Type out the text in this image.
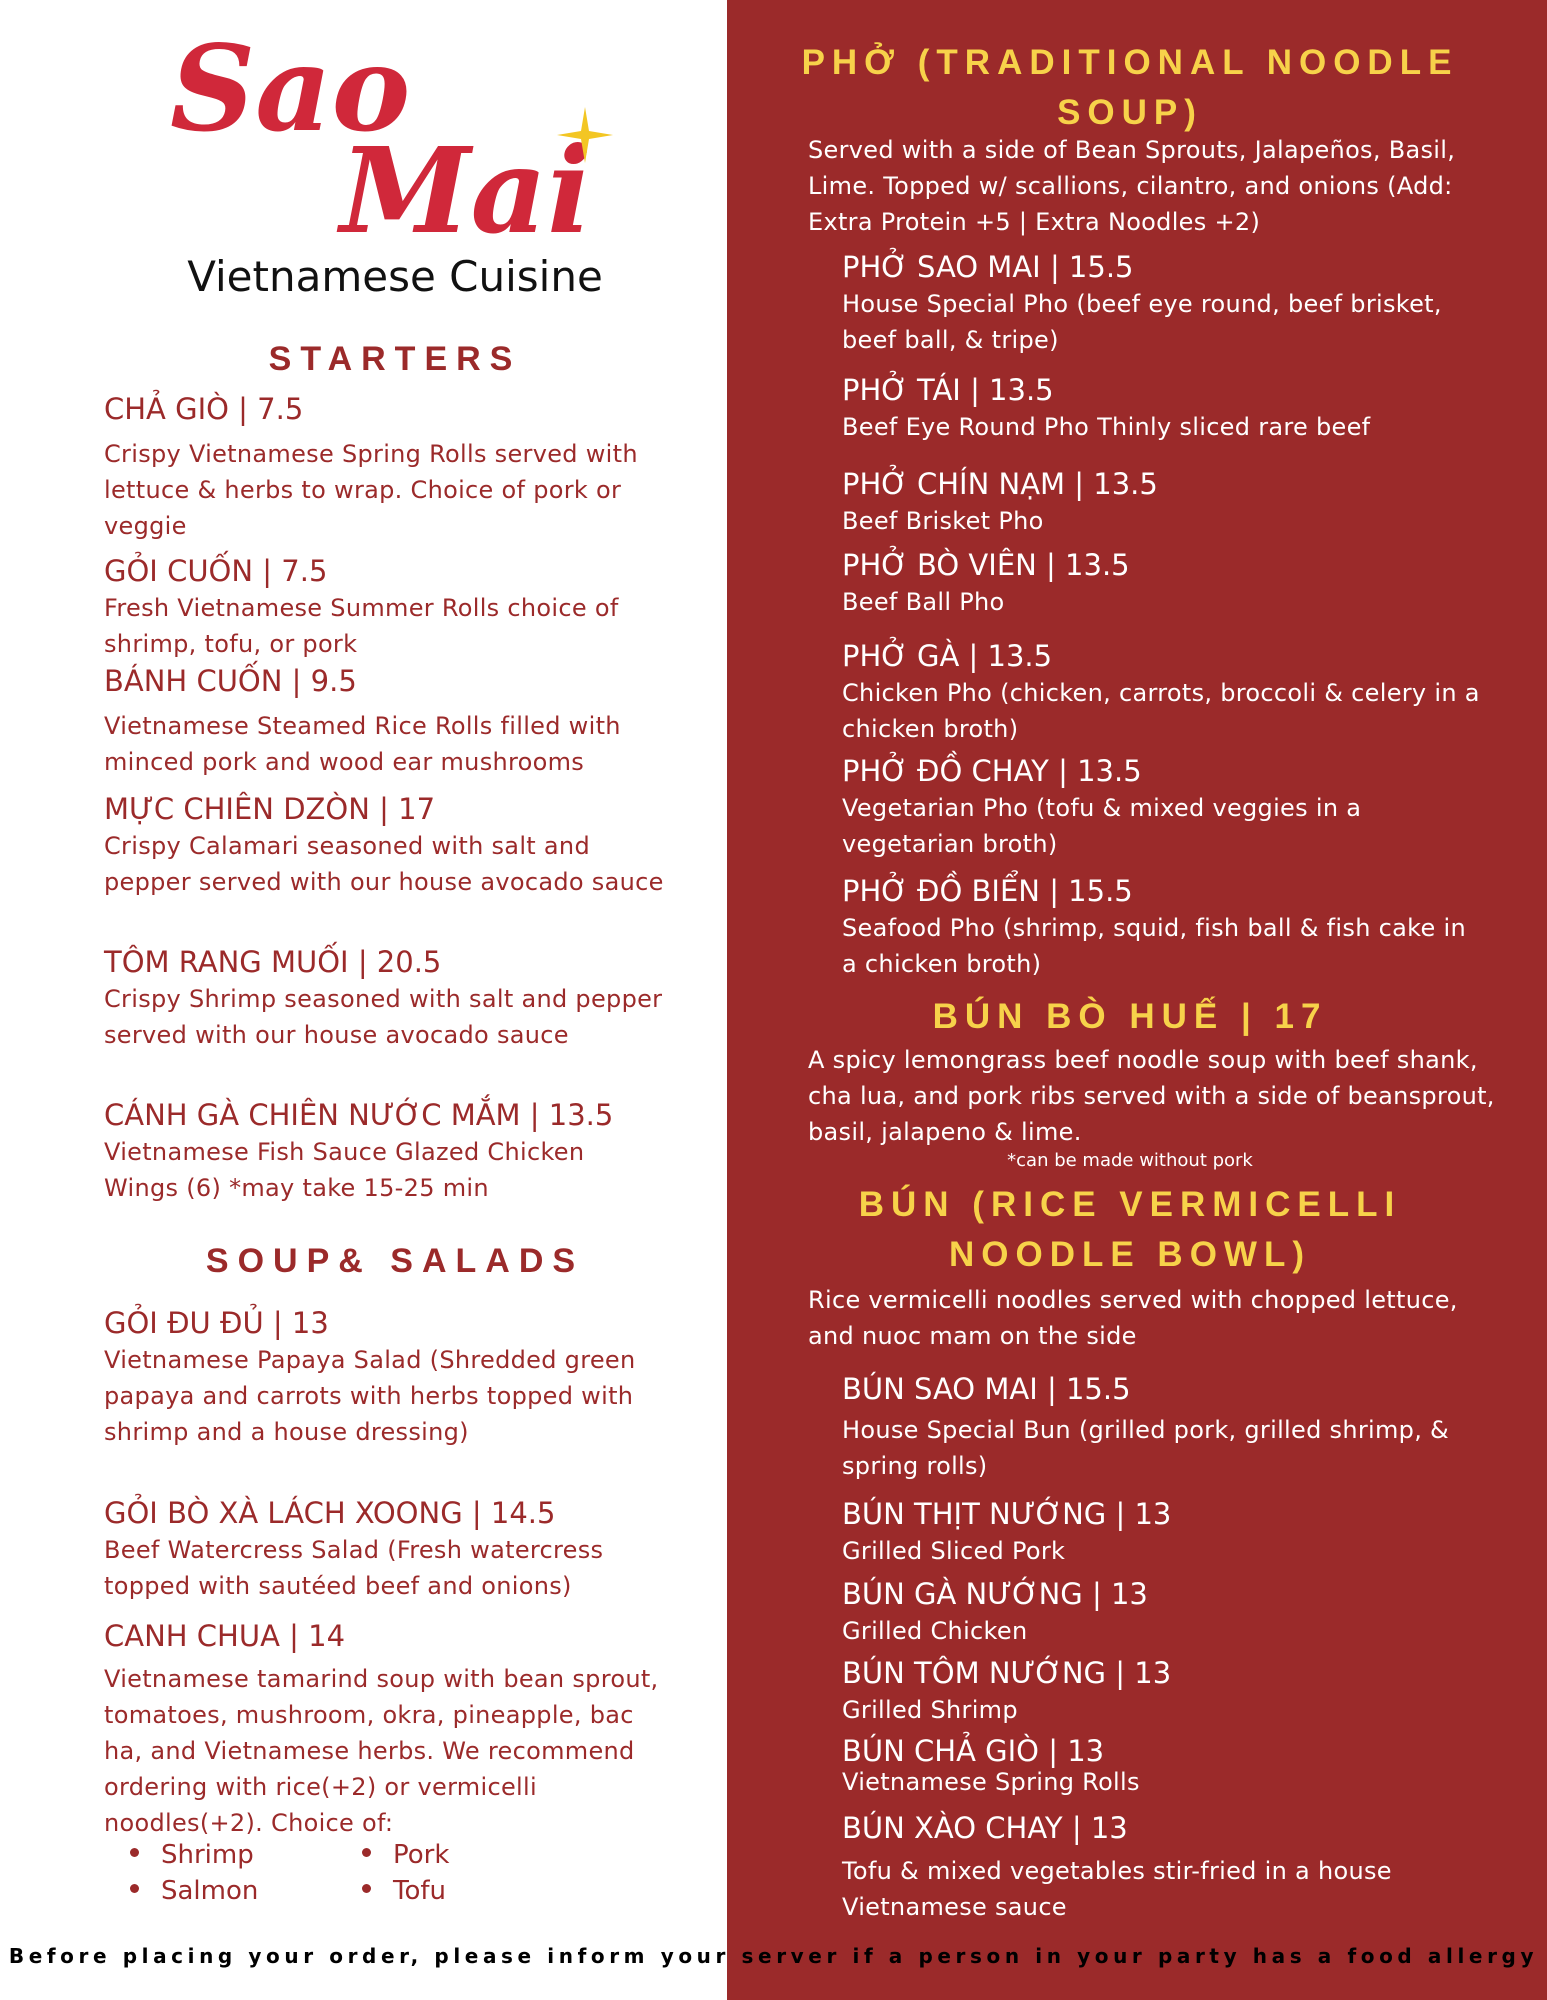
Sao
Mai
Vietnamese Cuisine
STARTERS
CHẢ GIÒ | 7.5
Crispy Vietnamese Spring Rolls served with lettuce & herbs to wrap. Choice of pork or veggie
GỎI CUỐN | 7.5
Fresh Vietnamese Summer Rolls choice of shrimp, tofu, or pork
BÁNH CUỐN | 9.5
Vietnamese Steamed Rice Rolls filled with minced pork and wood ear mushrooms
MỰC CHIÊN DZÒN | 17
Crispy Calamari seasoned with salt and pepper served with our house avocado sauce
TÔM RANG MUỐI | 20.5
Crispy Shrimp seasoned with salt and pepper served with our house avocado sauce
CÁNH GÀ CHIÊN NƯỚC MẮM | 13.5
Vietnamese Fish Sauce Glazed Chicken Wings (6) *may take 15-25 min
SOUP& SALADS
GỎI ĐU ĐỦ | 13
Vietnamese Papaya Salad (Shredded green papaya and carrots with herbs topped with shrimp and a house dressing)
GỎI BÒ XÀ LÁCH XOONG | 14.5
Beef Watercress Salad (Fresh watercress topped with sautéed beef and onions)
CANH CHUA | 14
Vietnamese tamarind soup with bean sprout, tomatoes, mushroom, okra, pineapple, bac ha, and Vietnamese herbs. We recommend ordering with rice(+2) or vermicelli noodles(+2). Choice of:
Shrimp	Pork
Salmon	Tofu
PHỞ (TRADITIONAL NOODLE SOUP)
Served with a side of Bean Sprouts, Jalapeños, Basil, Lime. Topped w/ scallions, cilantro, and onions (Add: Extra Protein +5 | Extra Noodles +2)
PHỞ SAO MAI | 15.5
House Special Pho (beef eye round, beef brisket, beef ball, & tripe)
PHỞ TÁI | 13.5
Beef Eye Round Pho Thinly sliced rare beef
PHỞ CHÍN NẠM | 13.5
Beef Brisket Pho
PHỞ BÒ VIÊN | 13.5
Beef Ball Pho
PHỞ GÀ | 13.5
Chicken Pho (chicken, carrots, broccoli & celery in a chicken broth)
PHỞ ĐỒ CHAY | 13.5
Vegetarian Pho (tofu & mixed veggies in a vegetarian broth)
PHỞ ĐỒ BIỂN | 15.5
Seafood Pho (shrimp, squid, fish ball & fish cake in a chicken broth)
BÚN BÒ HUẾ | 17
A spicy lemongrass beef noodle soup with beef shank, cha lua, and pork ribs served with a side of beansprout, basil, jalapeno & lime.
*can be made without pork
BÚN (RICE VERMICELLI NOODLE BOWL)
Rice vermicelli noodles served with chopped lettuce, and nuoc mam on the side
BÚN SAO MAI | 15.5
House Special Bun (grilled pork, grilled shrimp, & spring rolls)
BÚN THỊT NƯỚNG | 13
Grilled Sliced Pork
BÚN GÀ NƯỚNG | 13
Grilled Chicken
BÚN TÔM NƯỚNG | 13
Grilled Shrimp
BÚN CHẢ GIÒ | 13
Vietnamese Spring Rolls
BÚN XÀO CHAY | 13
Tofu & mixed vegetables stir-fried in a house Vietnamese sauce
Before placing your order, please inform your server if a person in your party has a food allergy
